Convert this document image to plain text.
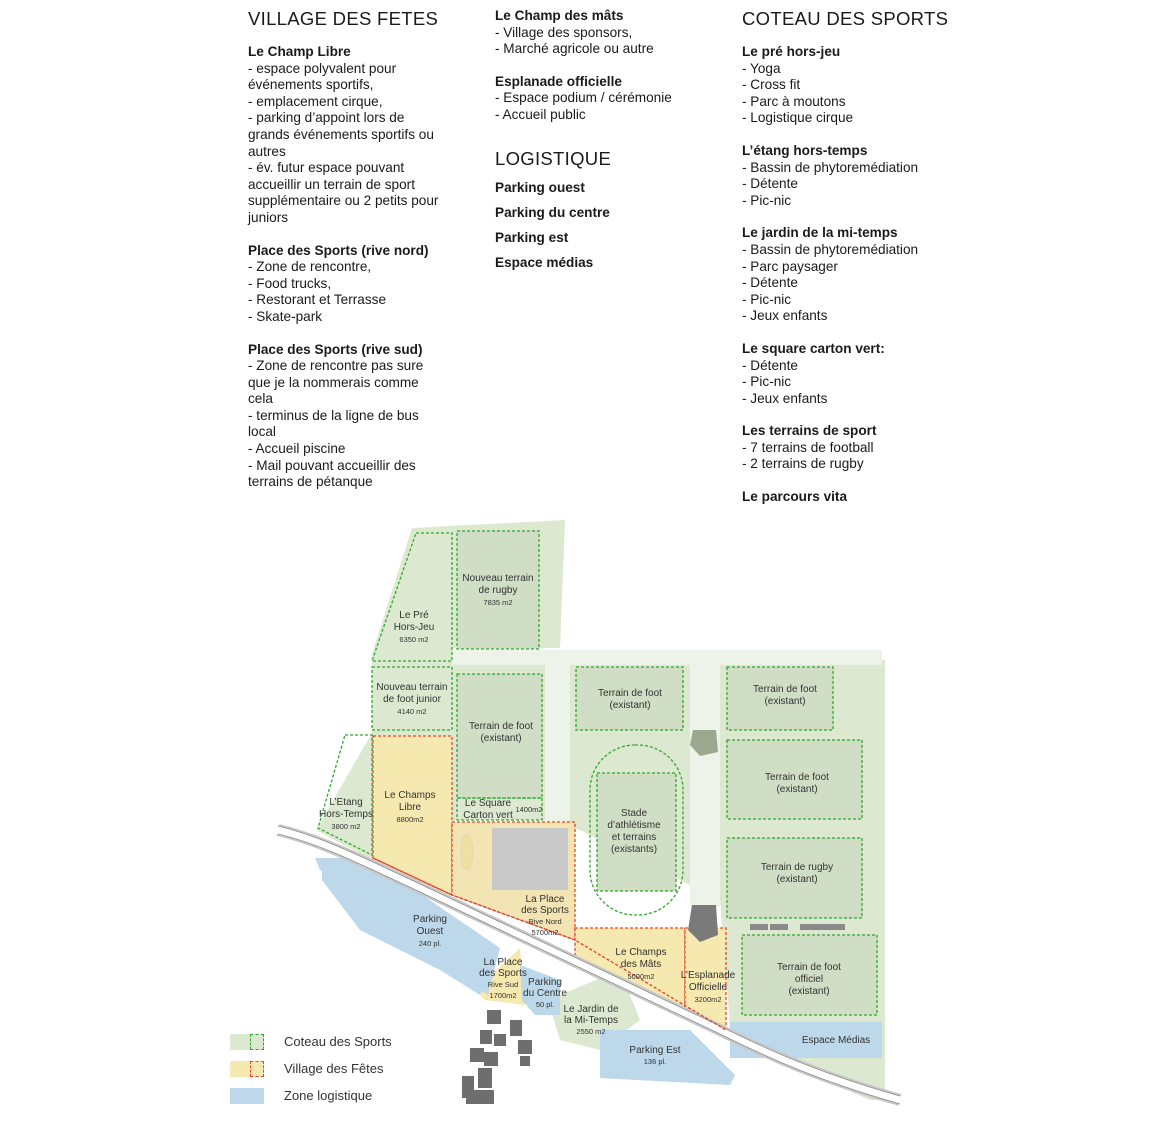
VILLAGE DES FETES
Le Champ Libre
- espace polyvalent pour
événements sportifs,
- emplacement cirque,
- parking d’appoint lors de
grands événements sportifs ou
autres
- év. futur espace pouvant
accueillir un terrain de sport
supplémentaire ou 2 petits pour
juniors
Place des Sports (rive nord)
- Zone de rencontre,
- Food trucks,
- Restorant et Terrasse
- Skate-park
Place des Sports (rive sud)
- Zone de rencontre pas sure
que je la nommerais comme
cela
- terminus de la ligne de bus
local
- Accueil piscine
- Mail pouvant accueillir des
terrains de pétanque
Le Champ des mâts
- Village des sponsors,
- Marché agricole ou autre
Esplanade officielle
- Espace podium / cérémonie
- Accueil public
LOGISTIQUE
Parking ouest
Parking du centre
Parking est
Espace médias
COTEAU DES SPORTS
Le pré hors-jeu
- Yoga
- Cross fit
- Parc à moutons
- Logistique cirque
L’étang hors-temps
- Bassin de phytoremédiation
- Détente
- Pic-nic
Le jardin de la mi-temps
- Bassin de phytoremédiation
- Parc paysager
- Détente
- Pic-nic
- Jeux enfants
Le square carton vert:
- Détente
- Pic-nic
- Jeux enfants
Les terrains de sport
- 7 terrains de football
- 2 terrains de rugby
Le parcours vita
Nouveau terrain de rugby 7835 m2
Le Pré Hors-Jeu 6350 m2
Nouveau terrain de foot junior 4140 m2
Terrain de foot (existant)
Terrain de foot (existant)
Terrain de foot (existant)
Terrain de foot (existant)
Terrain de rugby (existant)
Terrain de foot officiel (existant)
Stade d’athlétisme et terrains (existants)
L’Etang Hors-Temps 3800 m2
Le Champs Libre 8800m2
Le Square Carton vert
La Place des Sports Rive Nord 5700m2
Parking Ouest 240 pl.
La Place des Sports Rive Sud 1700m2
Parking du Centre 50 pl.
Le Champs des Mâts 5000m2	L’Esplanade Officielle 3200m2
Le Jardin de la Mi-Temps 2550 m2
Parking Est 136 pl.
1400m2
Espace Médias
Coteau des Sports
Village des Fêtes
Zone logistique
